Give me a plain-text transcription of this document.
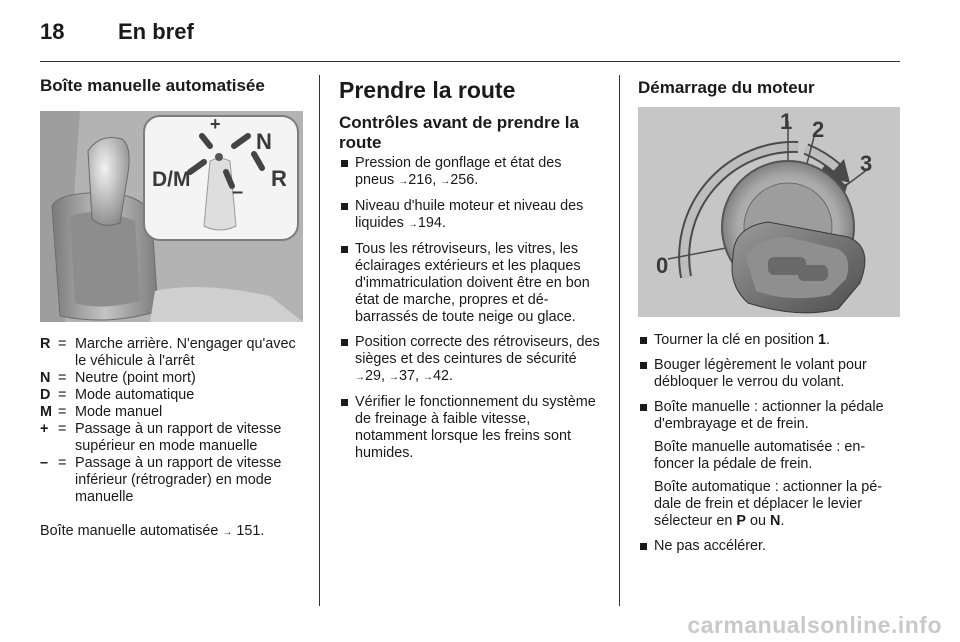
18 En bref
Boîte manuelle automatisée
+
N
D/M
–
R
R = Marche arrière. N'engager qu'avec le véhicule à l'arrêt
N = Neutre (point mort)
D = Mode automatique
M = Mode manuel
+ = Passage à un rapport de vitesse supérieur en mode manuelle
– = Passage à un rapport de vitesse inférieur (rétrograder) en mode manuelle

Boîte manuelle automatisée → 151.

Prendre la route
Contrôles avant de prendre la route
Pression de gonflage et état des pneus → 216, → 256.
Niveau d'huile moteur et niveau des liquides → 194.
Tous les rétroviseurs, les vitres, les éclairages extérieurs et les plaques d'immatriculation doivent être en bon état de marche, propres et débarrassés de toute neige ou glace.
Position correcte des rétroviseurs, des sièges et des ceintures de sécurité → 29, → 37, → 42.
Vérifier le fonctionnement du système de freinage à faible vitesse, notamment lorsque les freins sont humides.
Démarrage du moteur
0
1 2
3
Tourner la clé en position 1.
Bouger légèrement le volant pour débloquer le verrou du volant.
Boîte manuelle : actionner la pédale d'embrayage et de frein.
Boîte manuelle automatisée : enfoncer la pédale de frein.
Boîte automatique : actionner la pédale de frein et déplacer le levier sélecteur en P ou N.
Ne pas accélérer.
carmanualsonline.info
